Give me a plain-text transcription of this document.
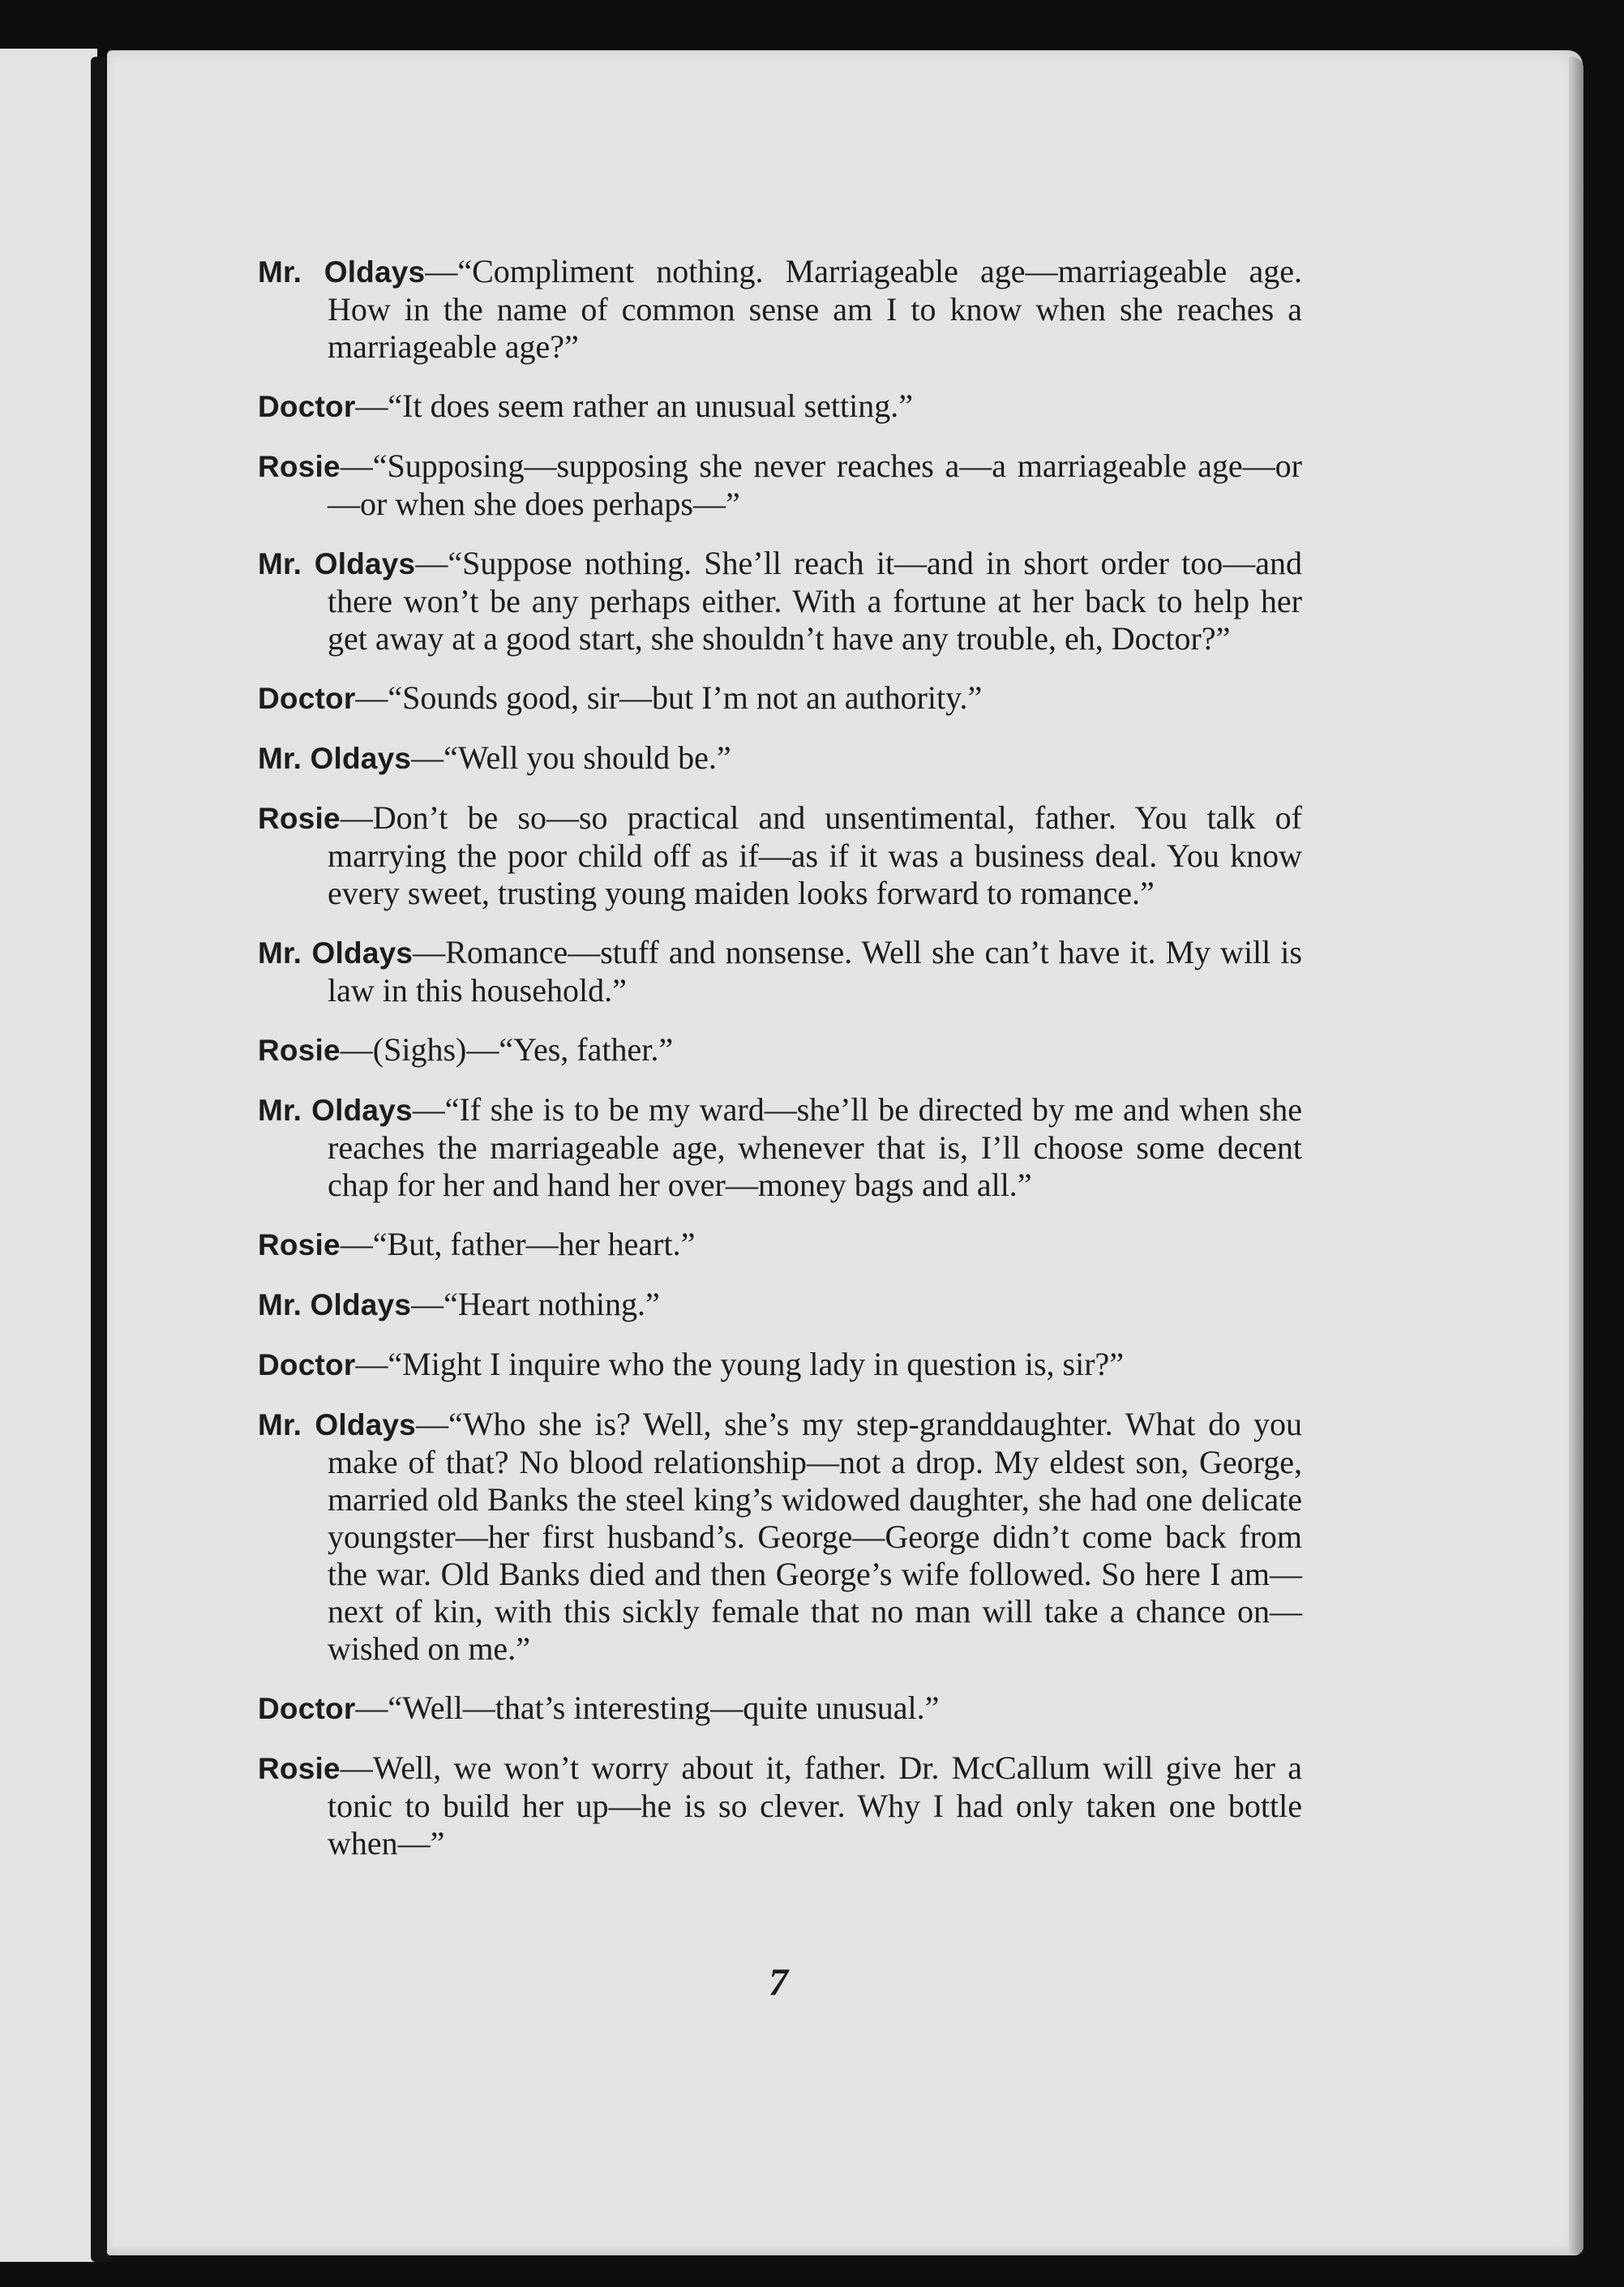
Mr. Oldays—“Compliment nothing. Marriageable age—marriageable age. How in the name of common sense am I to know when she reaches a marriageable age?”

Doctor—“It does seem rather an unusual setting.”

Rosie—“Supposing—supposing she never reaches a—a marriageable age—or—or when she does perhaps—”

Mr. Oldays—“Suppose nothing. She’ll reach it—and in short order too—and there won’t be any perhaps either. With a fortune at her back to help her get away at a good start, she shouldn’t have any trouble, eh, Doctor?”

Doctor—“Sounds good, sir—but I’m not an authority.”

Mr. Oldays—“Well you should be.”

Rosie—Don’t be so—so practical and unsentimental, father. You talk of marrying the poor child off as if—as if it was a business deal. You know every sweet, trusting young maiden looks forward to romance.”

Mr. Oldays—Romance—stuff and nonsense. Well she can’t have it. My will is law in this household.”

Rosie—(Sighs)—“Yes, father.”

Mr. Oldays—“If she is to be my ward—she’ll be directed by me and when she reaches the marriageable age, whenever that is, I’ll choose some decent chap for her and hand her over—money bags and all.”

Rosie—“But, father—her heart.”

Mr. Oldays—“Heart nothing.”

Doctor—“Might I inquire who the young lady in question is, sir?”

Mr. Oldays—“Who she is? Well, she’s my step-granddaughter. What do you make of that? No blood relationship—not a drop. My eldest son, George, married old Banks the steel king’s widowed daughter, she had one delicate youngster—her first husband’s. George—George didn’t come back from the war. Old Banks died and then George’s wife followed. So here I am—next of kin, with this sickly female that no man will take a chance on—wished on me.”

Doctor—“Well—that’s interesting—quite unusual.”

Rosie—Well, we won’t worry about it, father. Dr. McCallum will give her a tonic to build her up—he is so clever. Why I had only taken one bottle when—”

7
